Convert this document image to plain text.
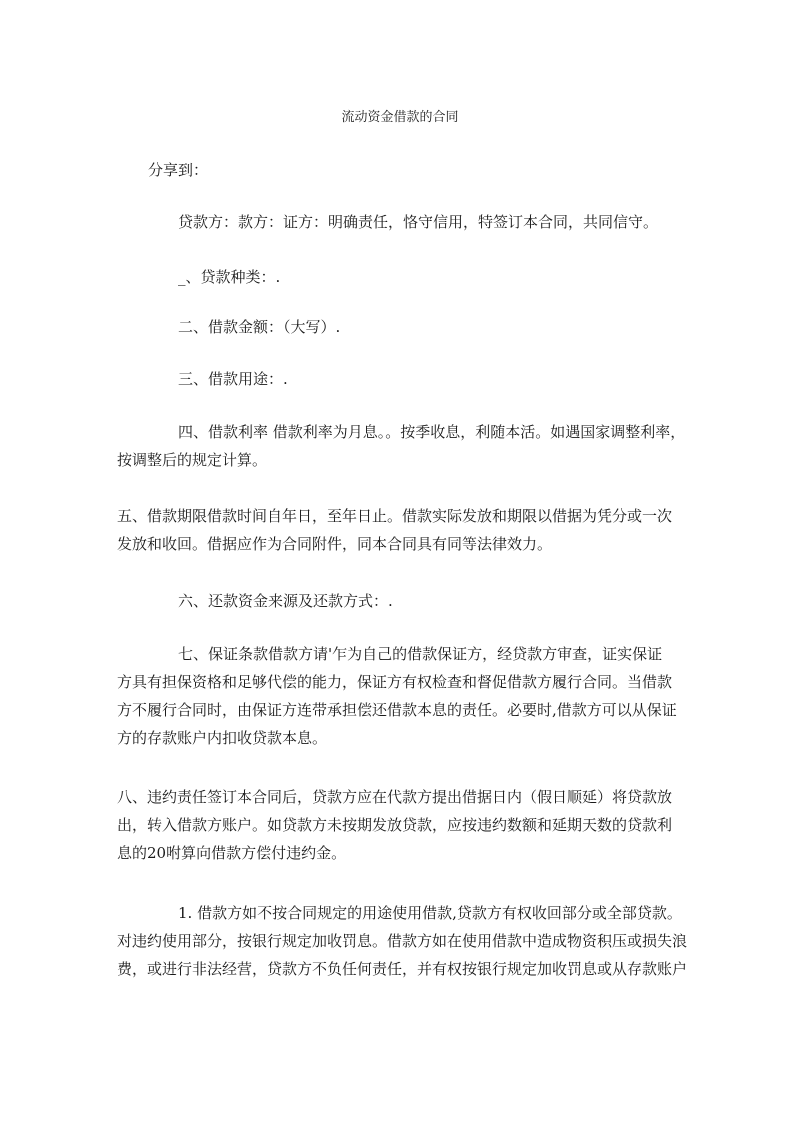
流动资金借款的合同
分享到：
贷款方：款方：证方：明确责任，恪守信用，特签订本合同，共同信守。
_、贷款种类：.
二、借款金额：（大写）.
三、借款用途：.
四、借款利率 借款利率为月息。。按季收息，利随本活。如遇国家调整利率，
按调整后的规定计算。
五、借款期限借款时间自年日，至年日止。借款实际发放和期限以借据为凭分或一次
发放和收回。借据应作为合同附件，同本合同具有同等法律效力。
六、还款资金来源及还款方式：.
七、保证条款借款方请'乍为自己的借款保证方，经贷款方审查，证实保证
方具有担保资格和足够代偿的能力，保证方有权检查和督促借款方履行合同。当借款
方不履行合同时，由保证方连带承担偿还借款本息的责任。必要时,借款方可以从保证
方的存款账户内扣收贷款本息。
八、违约责任签订本合同后，贷款方应在代款方提出借据日内（假日顺延）将贷款放
出，转入借款方账户。如贷款方未按期发放贷款，应按违约数额和延期天数的贷款利
息的20咐算向借款方偿付违约金。
1. 借款方如不按合同规定的用途使用借款,贷款方有权收回部分或全部贷款。
对违约使用部分，按银行规定加收罚息。借款方如在使用借款中造成物资积压或损失浪
费，或进行非法经营，贷款方不负任何责任，并有权按银行规定加收罚息或从存款账户
